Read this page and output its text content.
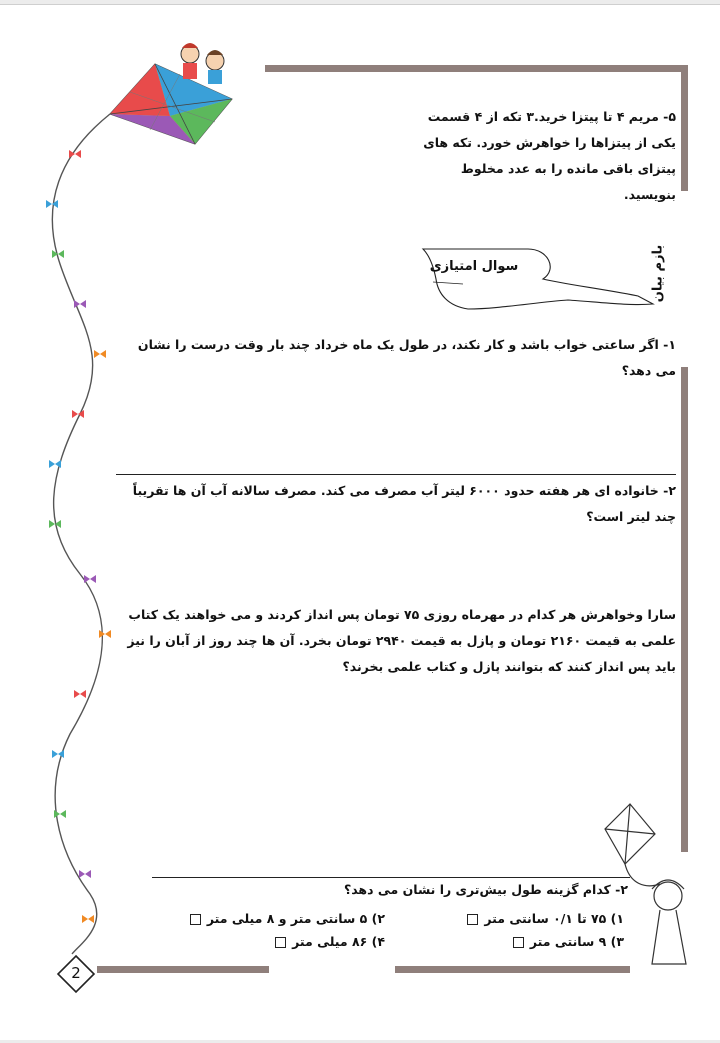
۵- مریم ۴ تا پیتزا خرید.۳ تکه از ۴ قسمت یکی از پیتزاها را خواهرش خورد. تکه های پیتزای باقی مانده را به عدد مخلوط بنویسید.

بازم بیان
سوال امتیازی

۱- اگر ساعتی خواب باشد و کار نکند، در طول یک ماه خرداد چند بار وقت درست را نشان می دهد؟

۲- خانواده ای هر هفته حدود ۶۰۰۰ لیتر آب مصرف می کند. مصرف سالانه آب آن ها تقریباً چند لیتر است؟

سارا وخواهرش هر کدام در مهرماه روزی ۷۵ تومان پس انداز کردند و می خواهند یک کتاب علمی به قیمت ۲۱۶۰ تومان و پازل به قیمت ۲۹۴۰ تومان بخرد. آن ها چند روز از آبان را نیز باید پس انداز کنند که بتوانند پازل و کتاب علمی بخرند؟

۲- کدام گزینه طول بیش‌تری را نشان می دهد؟

۱) ۷۵ تا ۰/۱ سانتی متر
۲) ۵ سانتی متر و ۸ میلی متر
۳) ۹ سانتی متر
۴) ۸۶ میلی متر
2
